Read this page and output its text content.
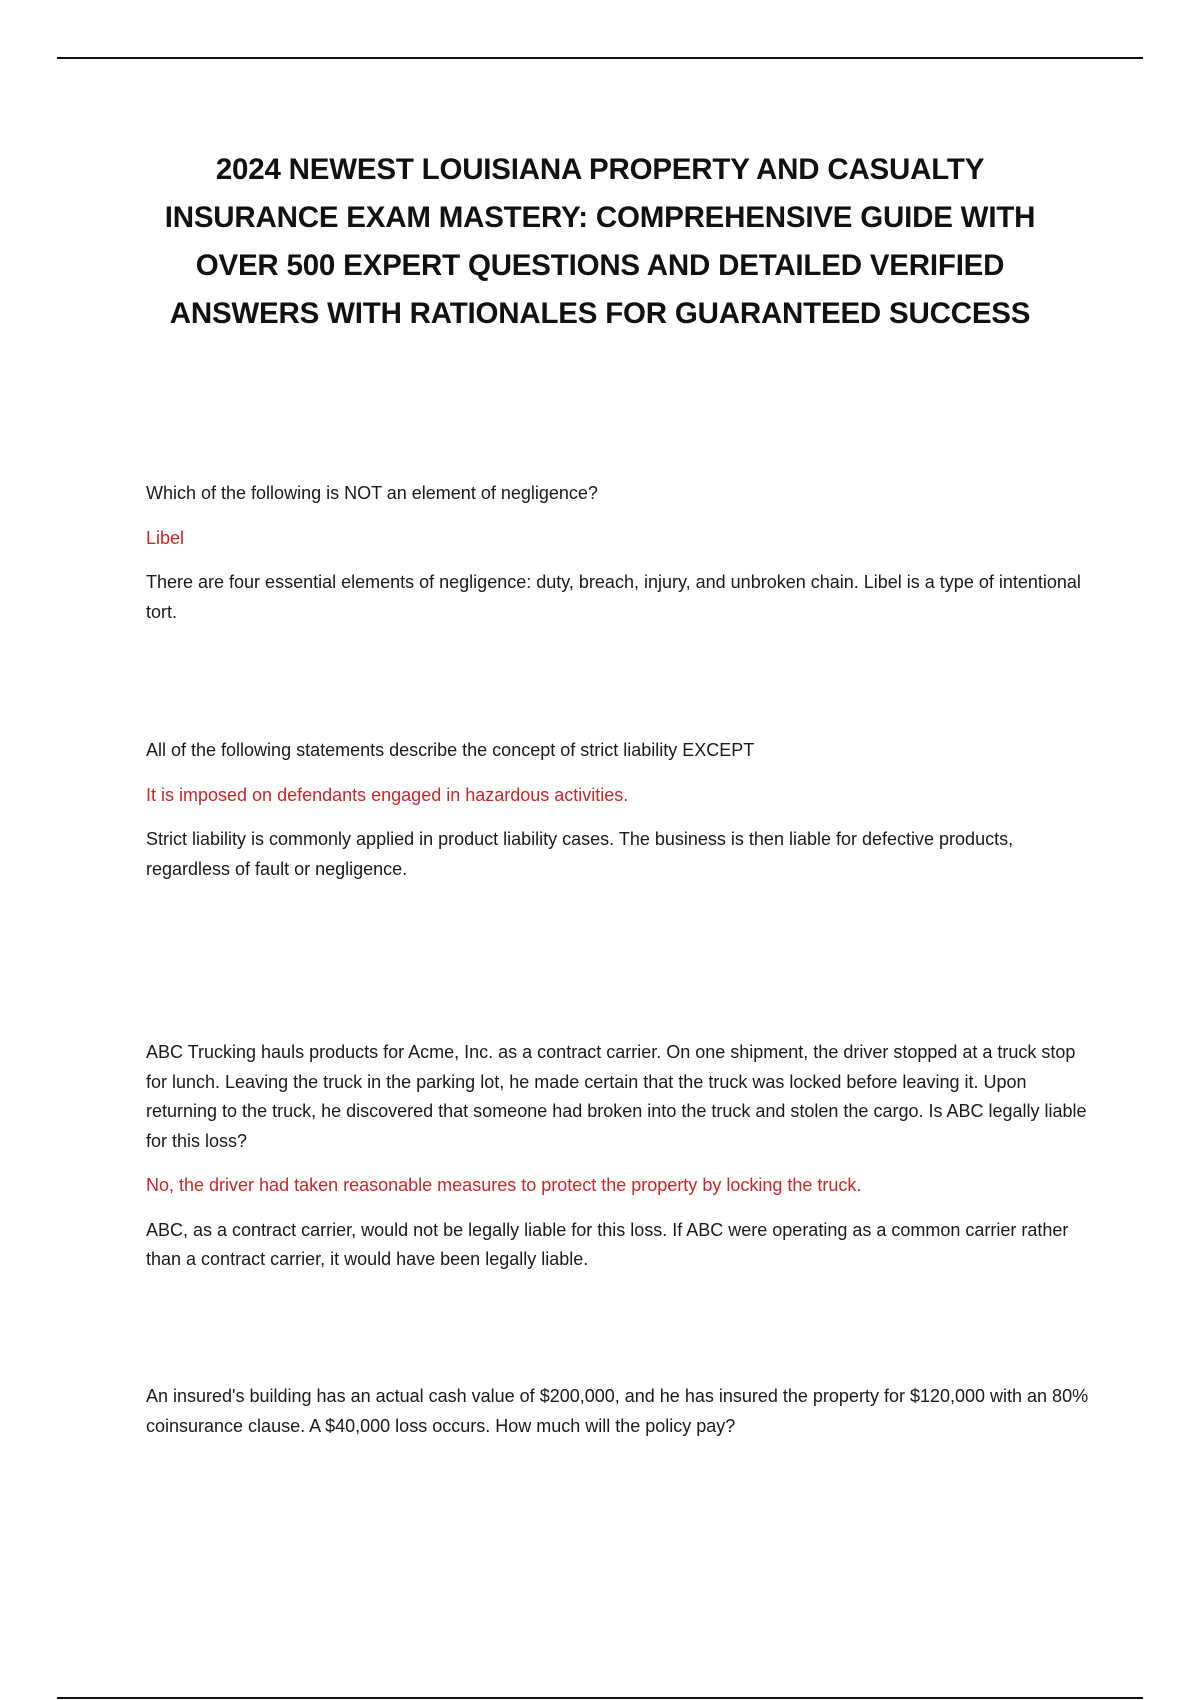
2024 NEWEST LOUISIANA PROPERTY AND CASUALTY
INSURANCE EXAM MASTERY: COMPREHENSIVE GUIDE WITH
OVER 500 EXPERT QUESTIONS AND DETAILED VERIFIED
ANSWERS WITH RATIONALES FOR GUARANTEED SUCCESS

Which of the following is NOT an element of negligence?

Libel

There are four essential elements of negligence: duty, breach, injury, and unbroken chain. Libel is a type of intentional tort.

All of the following statements describe the concept of strict liability EXCEPT

It is imposed on defendants engaged in hazardous activities.

Strict liability is commonly applied in product liability cases. The business is then liable for defective products, regardless of fault or negligence.

ABC Trucking hauls products for Acme, Inc. as a contract carrier. On one shipment, the driver stopped at a truck stop for lunch. Leaving the truck in the parking lot, he made certain that the truck was locked before leaving it. Upon returning to the truck, he discovered that someone had broken into the truck and stolen the cargo. Is ABC legally liable for this loss?

No, the driver had taken reasonable measures to protect the property by locking the truck.

ABC, as a contract carrier, would not be legally liable for this loss. If ABC were operating as a common carrier rather than a contract carrier, it would have been legally liable.

An insured's building has an actual cash value of $200,000, and he has insured the property for $120,000 with an 80% coinsurance clause. A $40,000 loss occurs. How much will the policy pay?
